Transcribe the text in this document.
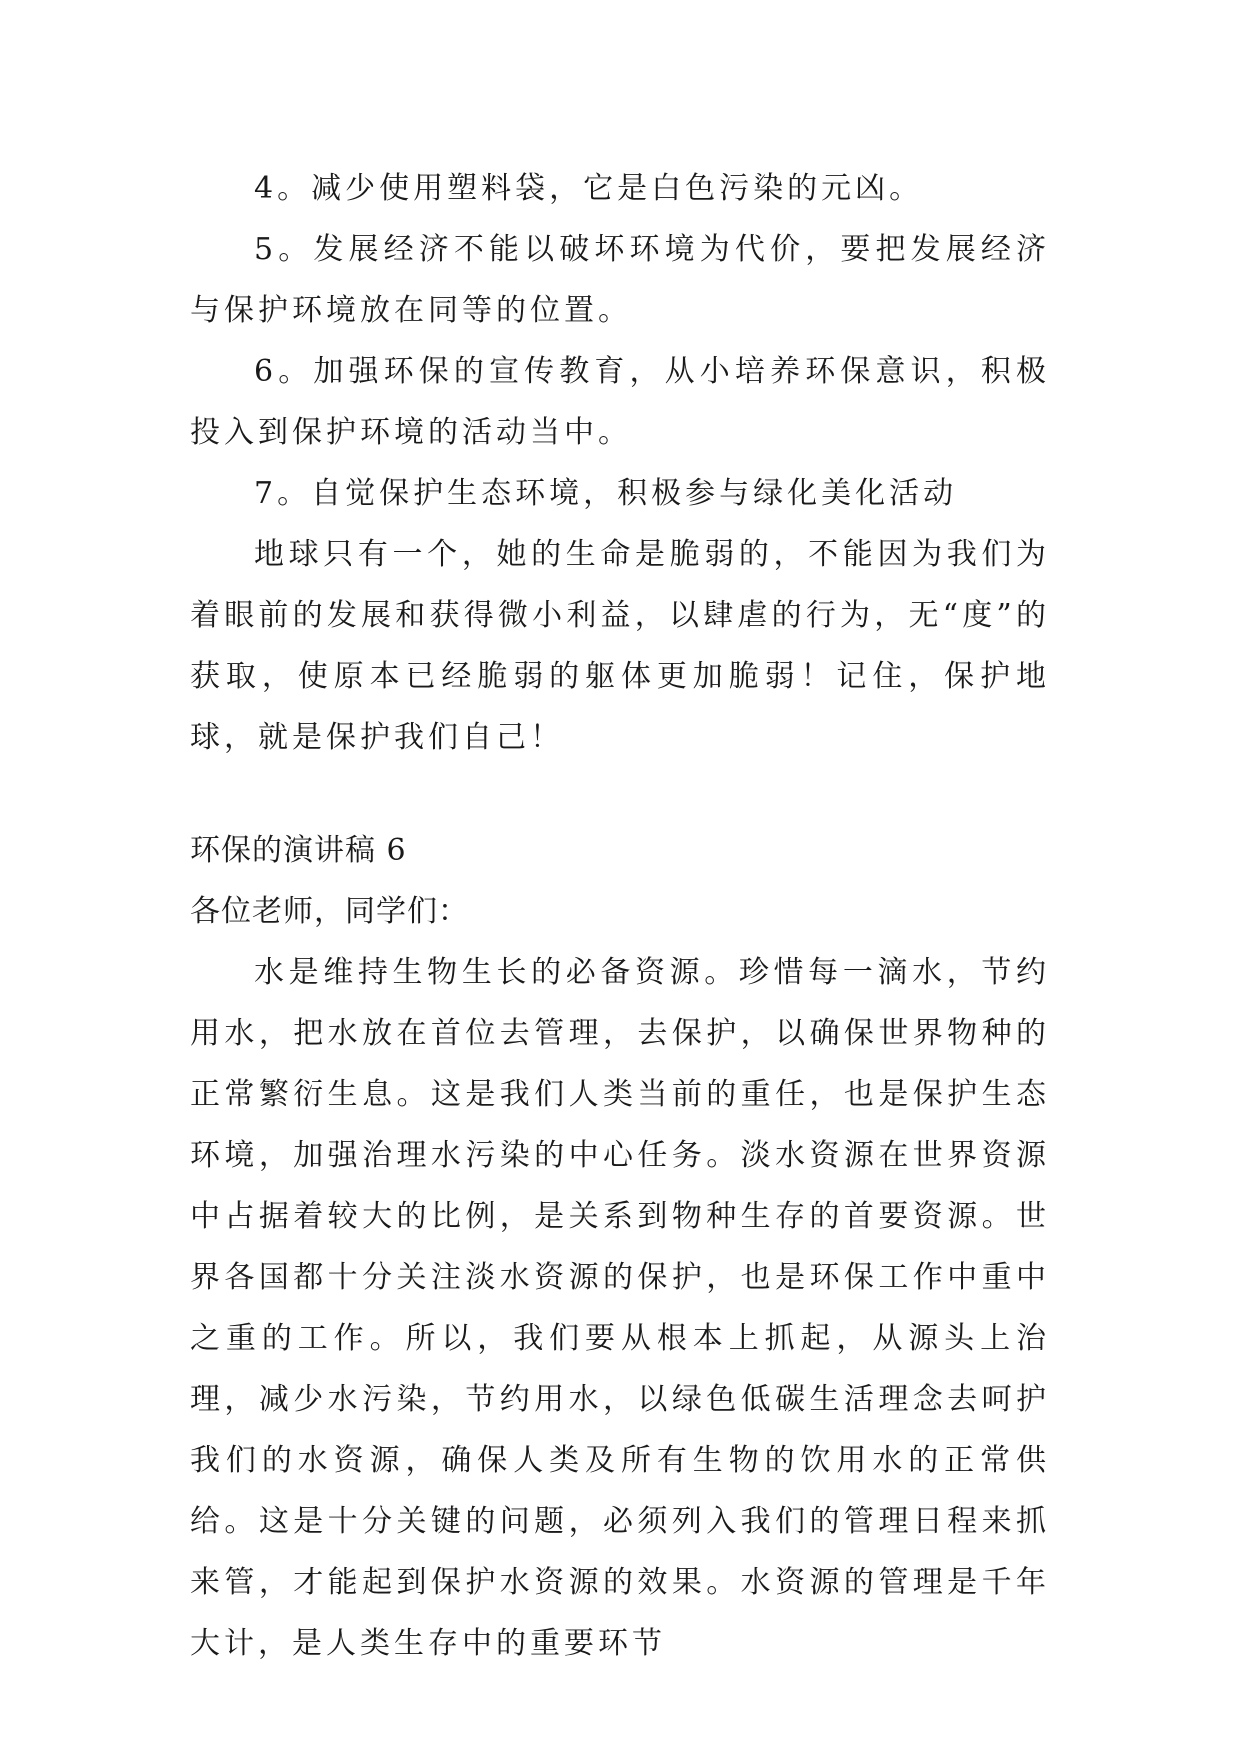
4。减少使用塑料袋，它是白色污染的元凶。

5。发展经济不能以破坏环境为代价，要把发展经济与保护环境放在同等的位置。

6。加强环保的宣传教育，从小培养环保意识，积极投入到保护环境的活动当中。

7。自觉保护生态环境，积极参与绿化美化活动

地球只有一个，她的生命是脆弱的，不能因为我们为着眼前的发展和获得微小利益，以肆虐的行为，无“度”的获取，使原本已经脆弱的躯体更加脆弱！记住，保护地球，就是保护我们自己！

环保的演讲稿 6

各位老师，同学们：

水是维持生物生长的必备资源。珍惜每一滴水，节约用水，把水放在首位去管理，去保护，以确保世界物种的正常繁衍生息。这是我们人类当前的重任，也是保护生态环境，加强治理水污染的中心任务。淡水资源在世界资源中占据着较大的比例，是关系到物种生存的首要资源。世界各国都十分关注淡水资源的保护，也是环保工作中重中之重的工作。所以，我们要从根本上抓起，从源头上治理，减少水污染，节约用水，以绿色低碳生活理念去呵护我们的水资源，确保人类及所有生物的饮用水的正常供给。这是十分关键的问题，必须列入我们的管理日程来抓来管，才能起到保护水资源的效果。水资源的管理是千年大计，是人类生存中的重要环节
